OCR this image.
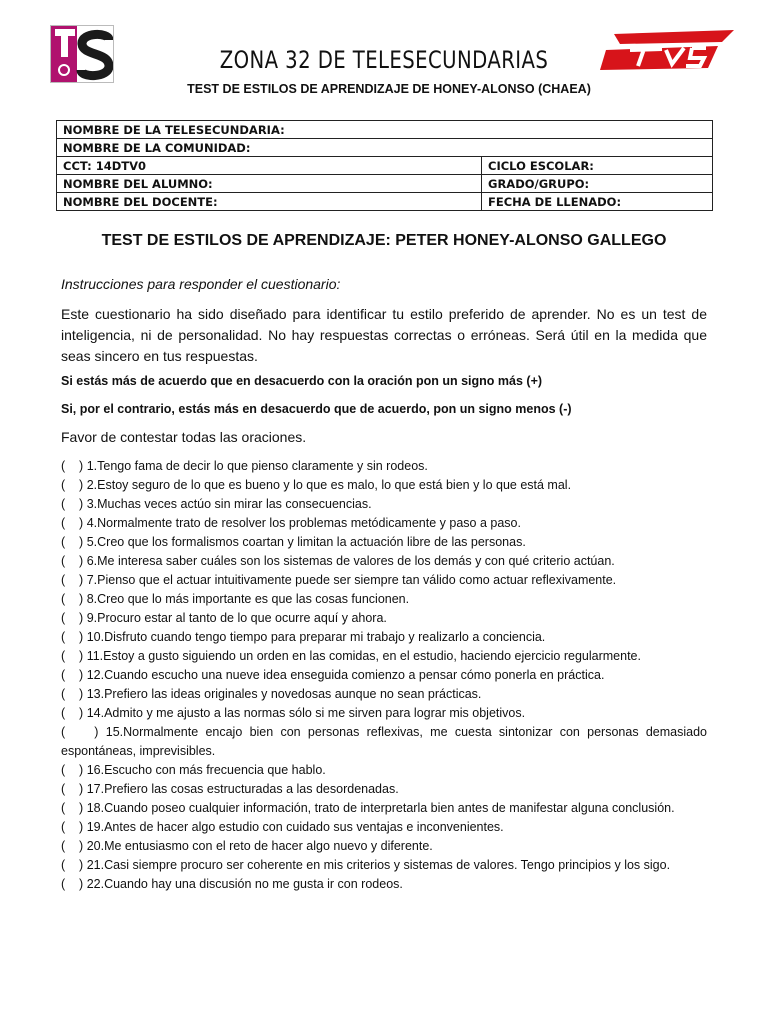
ZONA 32 DE TELESECUNDARIAS
TEST DE ESTILOS DE APRENDIZAJE DE HONEY-ALONSO (CHAEA)
NOMBRE DE LA TELESECUNDARIA:	
NOMBRE DE LA COMUNIDAD:	
CCT: 14DTV0	CICLO ESCOLAR:
NOMBRE DEL ALUMNO:	GRADO/GRUPO:
NOMBRE DEL DOCENTE:	FECHA DE LLENADO:
TEST DE ESTILOS DE APRENDIZAJE: PETER HONEY-ALONSO GALLEGO

Instrucciones para responder el cuestionario:

Este cuestionario ha sido diseñado para identificar tu estilo preferido de aprender. No es un test de inteligencia, ni de personalidad. No hay respuestas correctas o erróneas. Será útil en la medida que seas sincero en tus respuestas.

Si estás más de acuerdo que en desacuerdo con la oración pon un signo más (+)

Si, por el contrario, estás más en desacuerdo que de acuerdo, pon un signo menos (-)

Favor de contestar todas las oraciones.

(    ) 1.Tengo fama de decir lo que pienso claramente y sin rodeos.
(    ) 2.Estoy seguro de lo que es bueno y lo que es malo, lo que está bien y lo que está mal.
(    ) 3.Muchas veces actúo sin mirar las consecuencias.
(    ) 4.Normalmente trato de resolver los problemas metódicamente y paso a paso.
(    ) 5.Creo que los formalismos coartan y limitan la actuación libre de las personas.
(    ) 6.Me interesa saber cuáles son los sistemas de valores de los demás y con qué criterio actúan.
(    ) 7.Pienso que el actuar intuitivamente puede ser siempre tan válido como actuar reflexivamente.
(    ) 8.Creo que lo más importante es que las cosas funcionen.
(    ) 9.Procuro estar al tanto de lo que ocurre aquí y ahora.
(    ) 10.Disfruto cuando tengo tiempo para preparar mi trabajo y realizarlo a conciencia.
(    ) 11.Estoy a gusto siguiendo un orden en las comidas, en el estudio, haciendo ejercicio regularmente.
(    ) 12.Cuando escucho una nueve idea enseguida comienzo a pensar cómo ponerla en práctica.
(    ) 13.Prefiero las ideas originales y novedosas aunque no sean prácticas.
(    ) 14.Admito y me ajusto a las normas sólo si me sirven para lograr mis objetivos.
(    ) 15.Normalmente encajo bien con personas reflexivas, me cuesta sintonizar con personas demasiado espontáneas, imprevisibles.
(    ) 16.Escucho con más frecuencia que hablo.
(    ) 17.Prefiero las cosas estructuradas a las desordenadas.
(    ) 18.Cuando poseo cualquier información, trato de interpretarla bien antes de manifestar alguna conclusión.
(    ) 19.Antes de hacer algo estudio con cuidado sus ventajas e inconvenientes.
(    ) 20.Me entusiasmo con el reto de hacer algo nuevo y diferente.
(    ) 21.Casi siempre procuro ser coherente en mis criterios y sistemas de valores. Tengo principios y los sigo.
(    ) 22.Cuando hay una discusión no me gusta ir con rodeos.
